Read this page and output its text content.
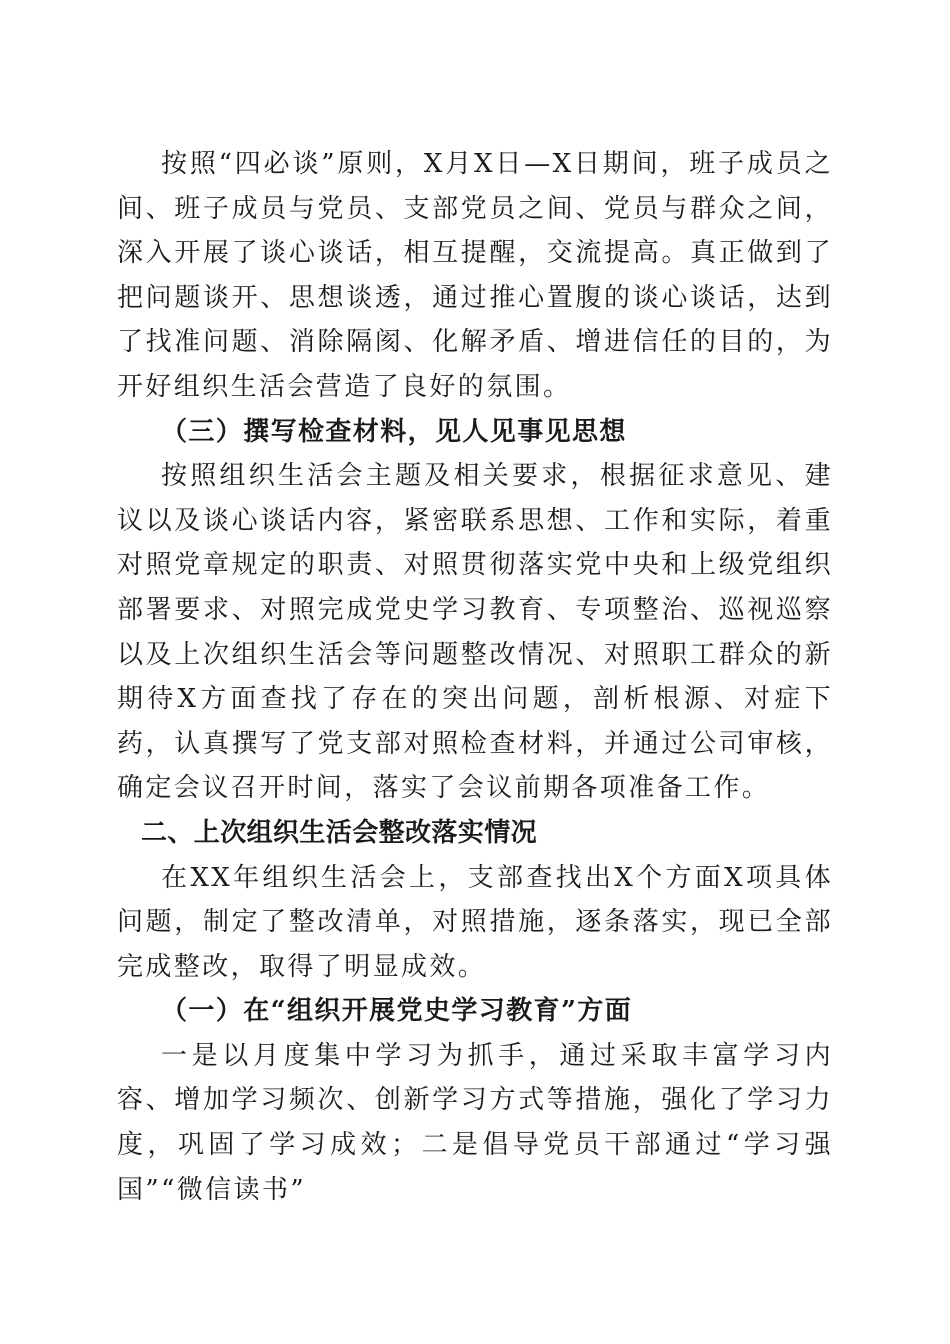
按照“四必谈”原则，X月X日—X日期间，班子成员之间、班子成员与党员、支部党员之间、党员与群众之间，深入开展了谈心谈话，相互提醒，交流提高。真正做到了把问题谈开、思想谈透，通过推心置腹的谈心谈话，达到了找准问题、消除隔阂、化解矛盾、增进信任的目的，为开好组织生活会营造了良好的氛围。

（三）撰写检查材料，见人见事见思想

按照组织生活会主题及相关要求，根据征求意见、建议以及谈心谈话内容，紧密联系思想、工作和实际，着重对照党章规定的职责、对照贯彻落实党中央和上级党组织部署要求、对照完成党史学习教育、专项整治、巡视巡察以及上次组织生活会等问题整改情况、对照职工群众的新期待X方面查找了存在的突出问题，剖析根源、对症下药，认真撰写了党支部对照检查材料，并通过公司审核，确定会议召开时间，落实了会议前期各项准备工作。

二、上次组织生活会整改落实情况

在XX年组织生活会上，支部查找出X个方面X项具体问题，制定了整改清单，对照措施，逐条落实，现已全部完成整改，取得了明显成效。

（一）在“组织开展党史学习教育”方面

一是以月度集中学习为抓手，通过采取丰富学习内容、增加学习频次、创新学习方式等措施，强化了学习力度，巩固了学习成效；二是倡导党员干部通过“学习强国”“微信读书”
